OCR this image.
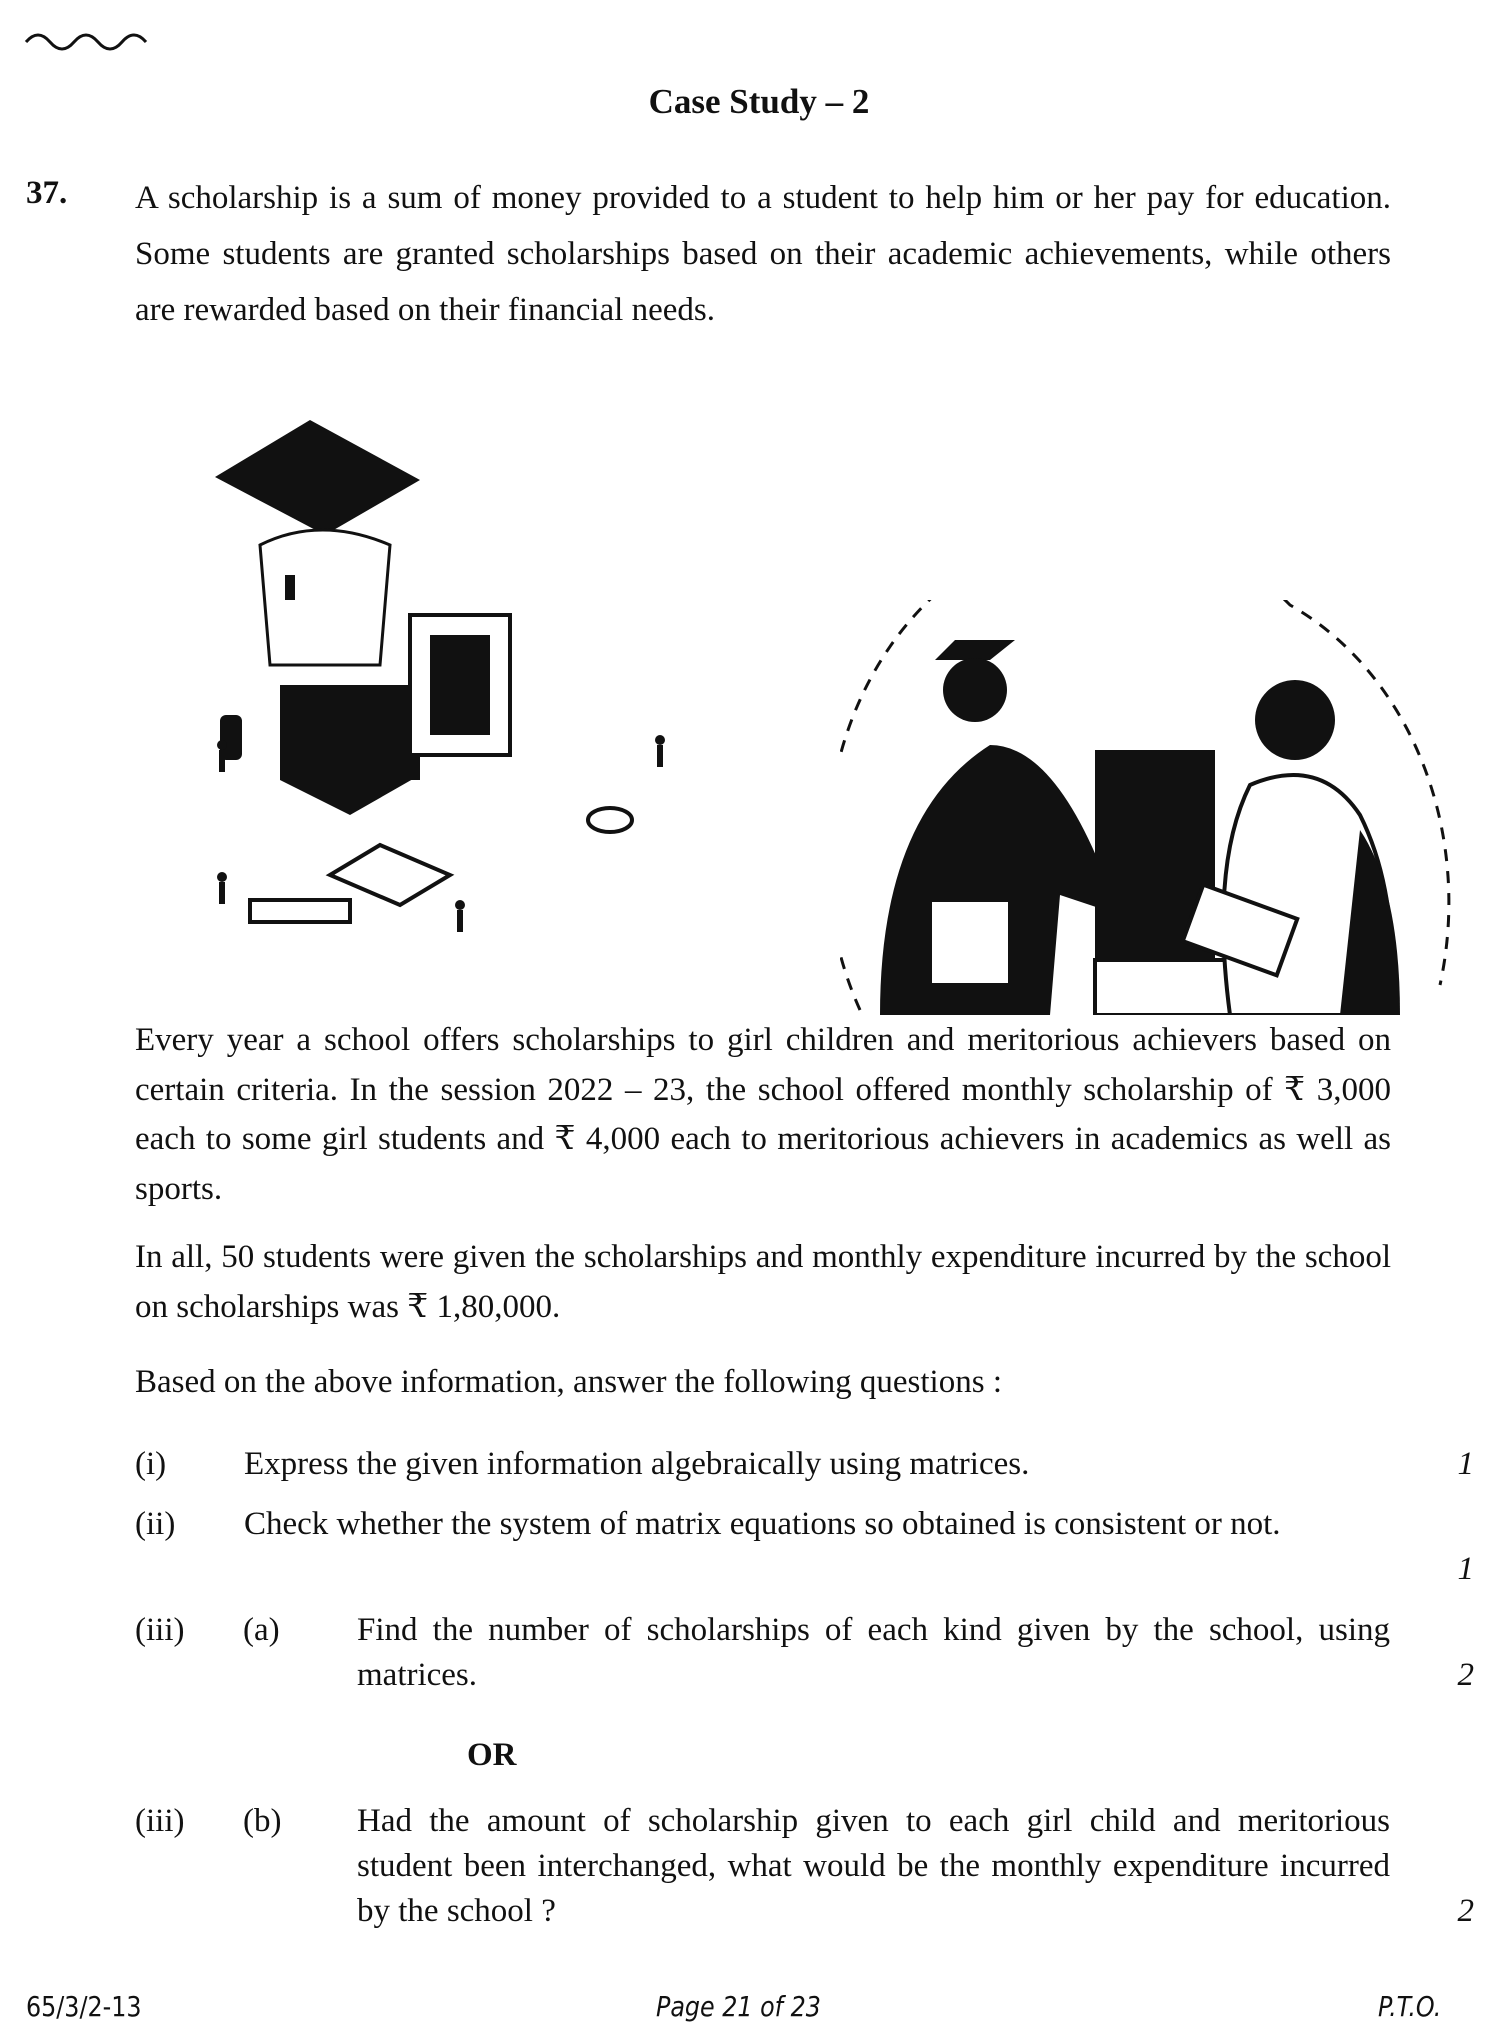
Case Study – 2
37. A scholarship is a sum of money provided to a student to help him or her pay for education. Some students are granted scholarships based on their academic achievements, while others are rewarded based on their financial needs.
Every year a school offers scholarships to girl children and meritorious achievers based on certain criteria. In the session 2022 – 23, the school offered monthly scholarship of ₹ 3,000 each to some girl students and ₹ 4,000 each to meritorious achievers in academics as well as sports.
In all, 50 students were given the scholarships and monthly expenditure incurred by the school on scholarships was ₹ 1,80,000.
Based on the above information, answer the following questions :
(i) Express the given information algebraically using matrices.	1
(ii) Check whether the system of matrix equations so obtained is consistent or not.
1
(iii) (a) Find the number of scholarships of each kind given by the school, using matrices.	2
OR
(iii) (b) Had the amount of scholarship given to each girl child and meritorious student been interchanged, what would be the monthly expenditure incurred by the school ?	2
65/3/2-13	Page 21 of 23	P.T.O.
